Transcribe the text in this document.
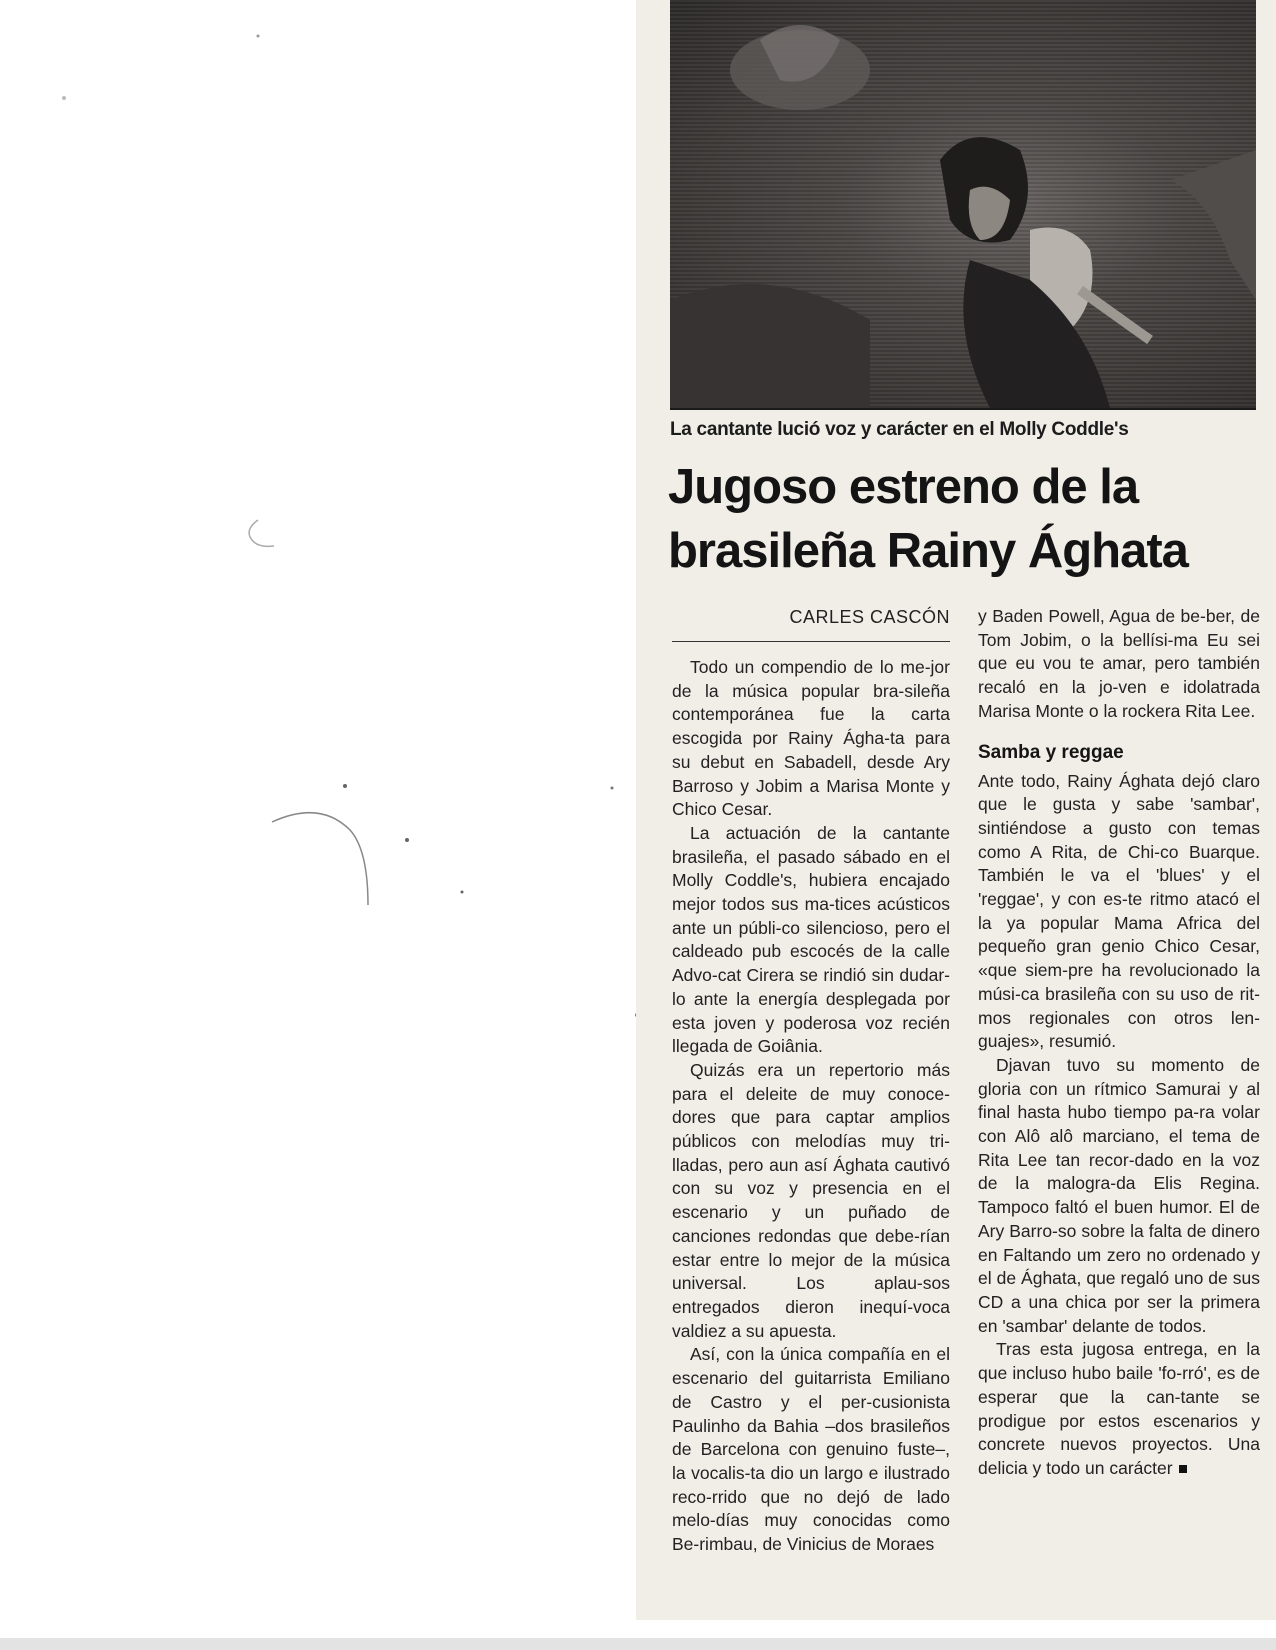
La cantante lució voz y carácter en el Molly Coddle's
Jugoso estreno de la brasileña Rainy Ághata
CARLES CASCÓN

Todo un compendio de lo me-jor de la música popular bra-sileña contemporánea fue la carta escogida por Rainy Ágha-ta para su debut en Sabadell, desde Ary Barroso y Jobim a Marisa Monte y Chico Cesar.

La actuación de la cantante brasileña, el pasado sábado en el Molly Coddle's, hubiera encajado mejor todos sus ma-tices acústicos ante un públi-co silencioso, pero el caldeado pub escocés de la calle Advo-cat Cirera se rindió sin dudar-lo ante la energía desplegada por esta joven y poderosa voz recién llegada de Goiânia.

Quizás era un repertorio más para el deleite de muy conoce-dores que para captar amplios públicos con melodías muy tri-lladas, pero aun así Ághata cautivó con su voz y presencia en el escenario y un puñado de canciones redondas que debe-rían estar entre lo mejor de la música universal. Los aplau-sos entregados dieron inequí-voca valdiez a su apuesta.

Así, con la única compañía en el escenario del guitarrista Emiliano de Castro y el per-cusionista Paulinho da Bahia –dos brasileños de Barcelona con genuino fuste–, la vocalis-ta dio un largo e ilustrado reco-rrido que no dejó de lado melo-días muy conocidas como Be-rimbau, de Vinicius de Moraes

y Baden Powell, Agua de be-ber, de Tom Jobim, o la bellísi-ma Eu sei que eu vou te amar, pero también recaló en la jo-ven e idolatrada Marisa Monte o la rockera Rita Lee.

Samba y reggae

Ante todo, Rainy Ághata dejó claro que le gusta y sabe 'sambar', sintiéndose a gusto con temas como A Rita, de Chi-co Buarque. También le va el 'blues' y el 'reggae', y con es-te ritmo atacó el la ya popular Mama Africa del pequeño gran genio Chico Cesar, «que siem-pre ha revolucionado la músi-ca brasileña con su uso de rit-mos regionales con otros len-guajes», resumió.

Djavan tuvo su momento de gloria con un rítmico Samurai y al final hasta hubo tiempo pa-ra volar con Alô alô marciano, el tema de Rita Lee tan recor-dado en la voz de la malogra-da Elis Regina. Tampoco faltó el buen humor. El de Ary Barro-so sobre la falta de dinero en Faltando um zero no ordenado y el de Ághata, que regaló uno de sus CD a una chica por ser la primera en 'sambar' delante de todos.

Tras esta jugosa entrega, en la que incluso hubo baile 'fo-rró', es de esperar que la can-tante se prodigue por estos escenarios y concrete nuevos proyectos. Una delicia y todo un carácter
